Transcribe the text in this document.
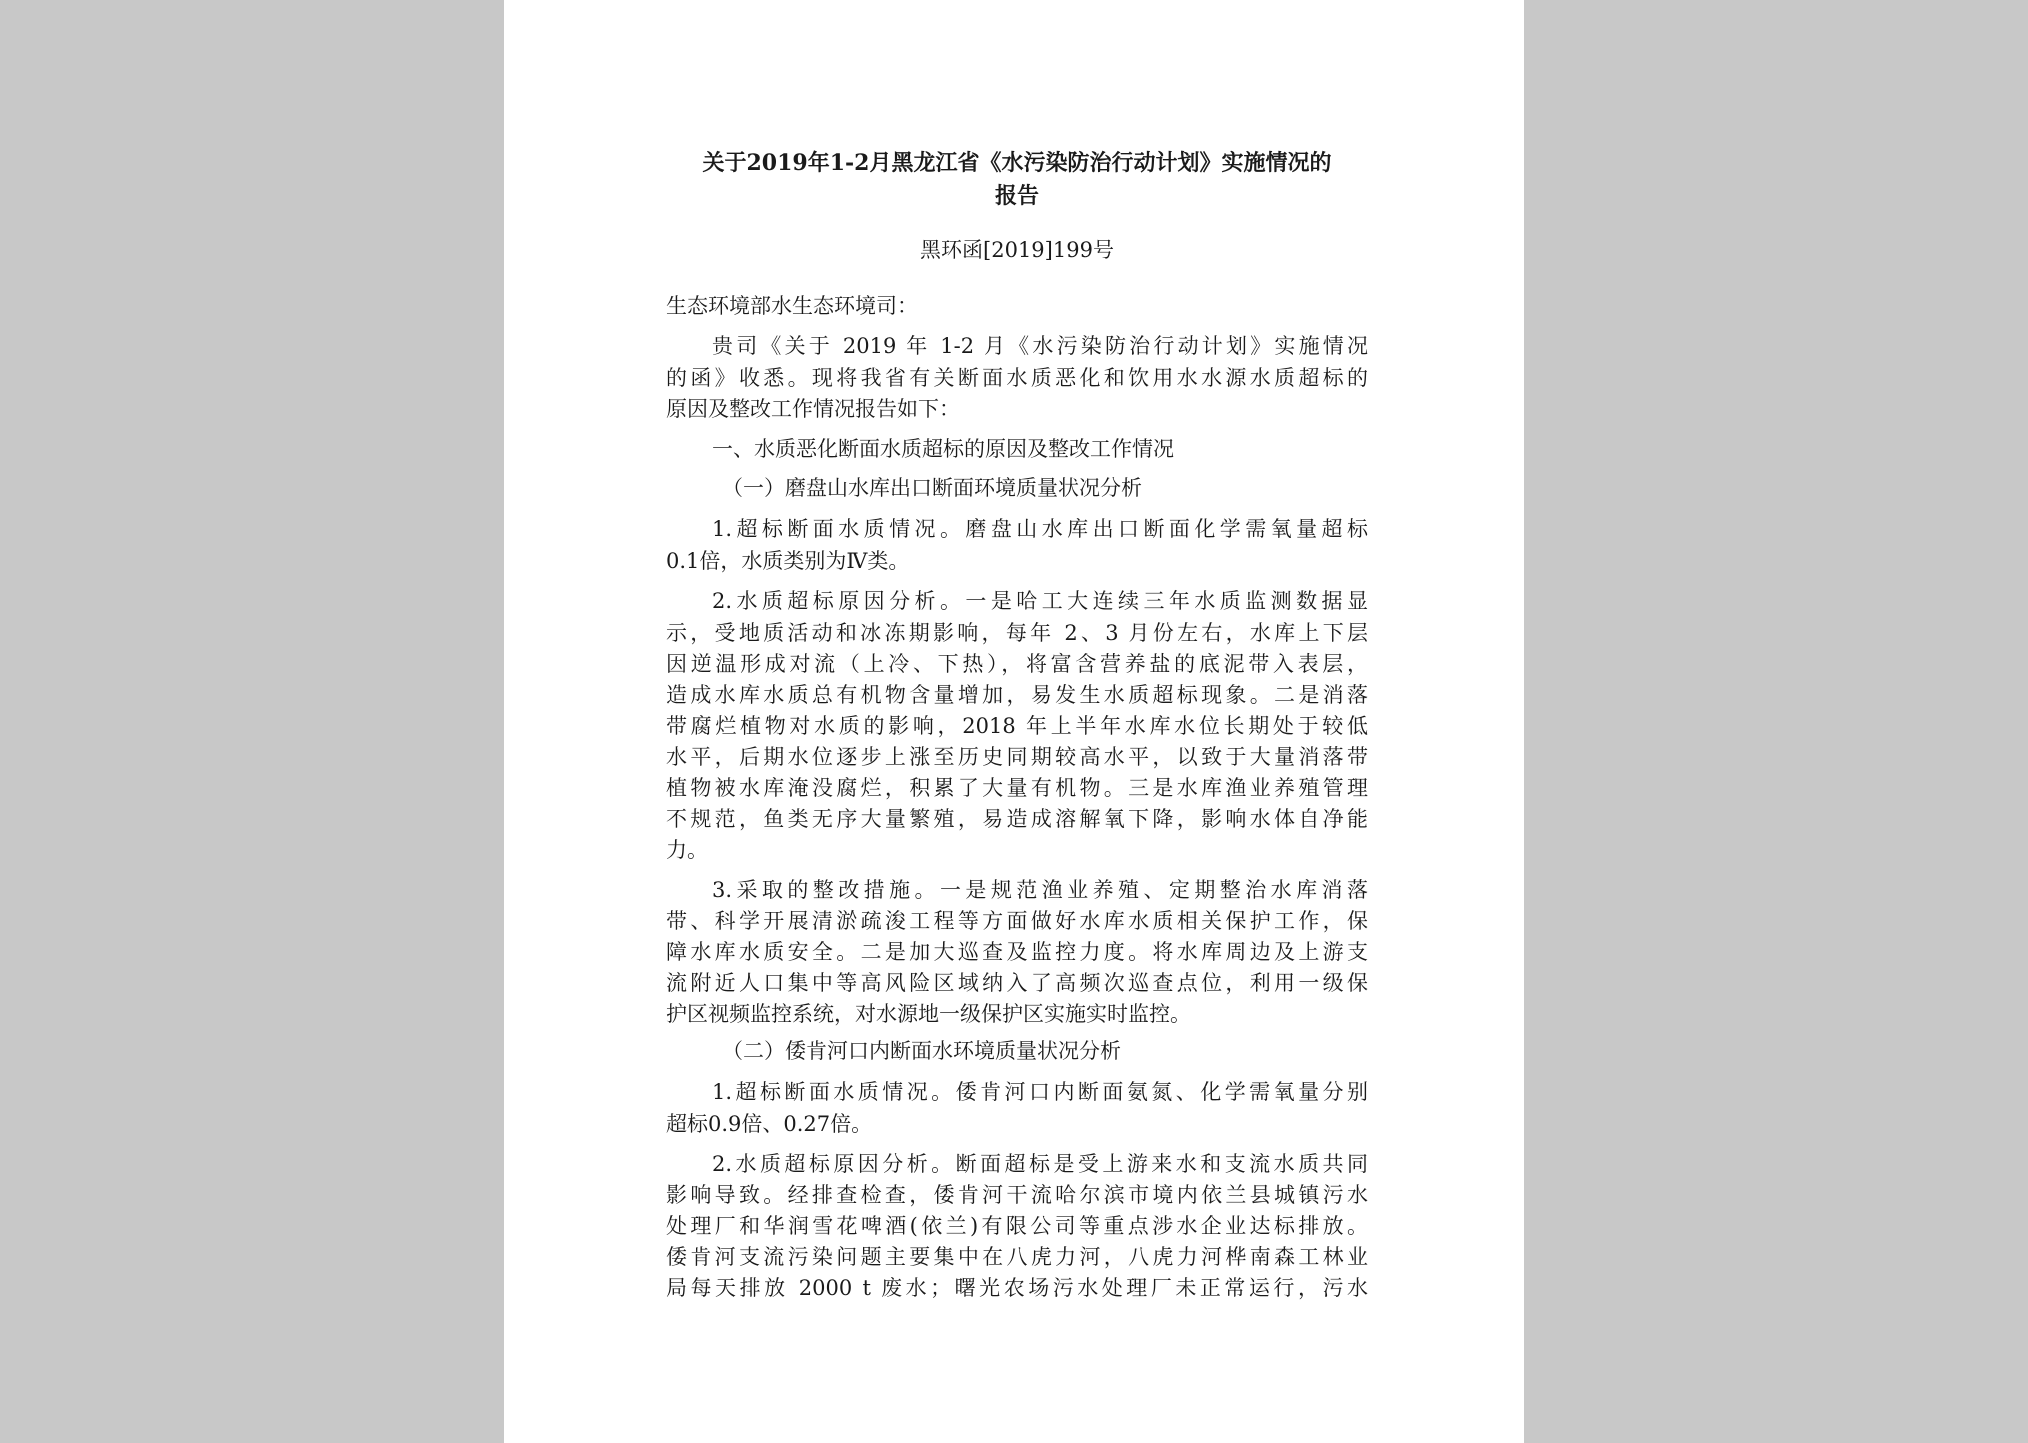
关于2019年1-2月黑龙江省《水污染防治行动计划》实施情况的
报告
黑环函[2019]199号
生态环境部水生态环境司：
贵司《关于 2019 年 1-2 月《水污染防治行动计划》实施情况
的函》收悉。现将我省有关断面水质恶化和饮用水水源水质超标的
原因及整改工作情况报告如下：
一、水质恶化断面水质超标的原因及整改工作情况
（一）磨盘山水库出口断面环境质量状况分析
1.超标断面水质情况。磨盘山水库出口断面化学需氧量超标
0.1倍，水质类别为Ⅳ类。
2.水质超标原因分析。一是哈工大连续三年水质监测数据显
示，受地质活动和冰冻期影响，每年 2、3 月份左右，水库上下层
因逆温形成对流（上冷、下热），将富含营养盐的底泥带入表层，
造成水库水质总有机物含量增加，易发生水质超标现象。二是消落
带腐烂植物对水质的影响，2018 年上半年水库水位长期处于较低
水平，后期水位逐步上涨至历史同期较高水平，以致于大量消落带
植物被水库淹没腐烂，积累了大量有机物。三是水库渔业养殖管理
不规范，鱼类无序大量繁殖，易造成溶解氧下降，影响水体自净能
力。
3.采取的整改措施。一是规范渔业养殖、定期整治水库消落
带、科学开展清淤疏浚工程等方面做好水库水质相关保护工作，保
障水库水质安全。二是加大巡查及监控力度。将水库周边及上游支
流附近人口集中等高风险区域纳入了高频次巡查点位，利用一级保
护区视频监控系统，对水源地一级保护区实施实时监控。
（二）倭肯河口内断面水环境质量状况分析
1.超标断面水质情况。倭肯河口内断面氨氮、化学需氧量分别
超标0.9倍、0.27倍。
2.水质超标原因分析。断面超标是受上游来水和支流水质共同
影响导致。经排查检查，倭肯河干流哈尔滨市境内依兰县城镇污水
处理厂和华润雪花啤酒(依兰)有限公司等重点涉水企业达标排放。
倭肯河支流污染问题主要集中在八虎力河，八虎力河桦南森工林业
局每天排放 2000 t 废水；曙光农场污水处理厂未正常运行，污水
